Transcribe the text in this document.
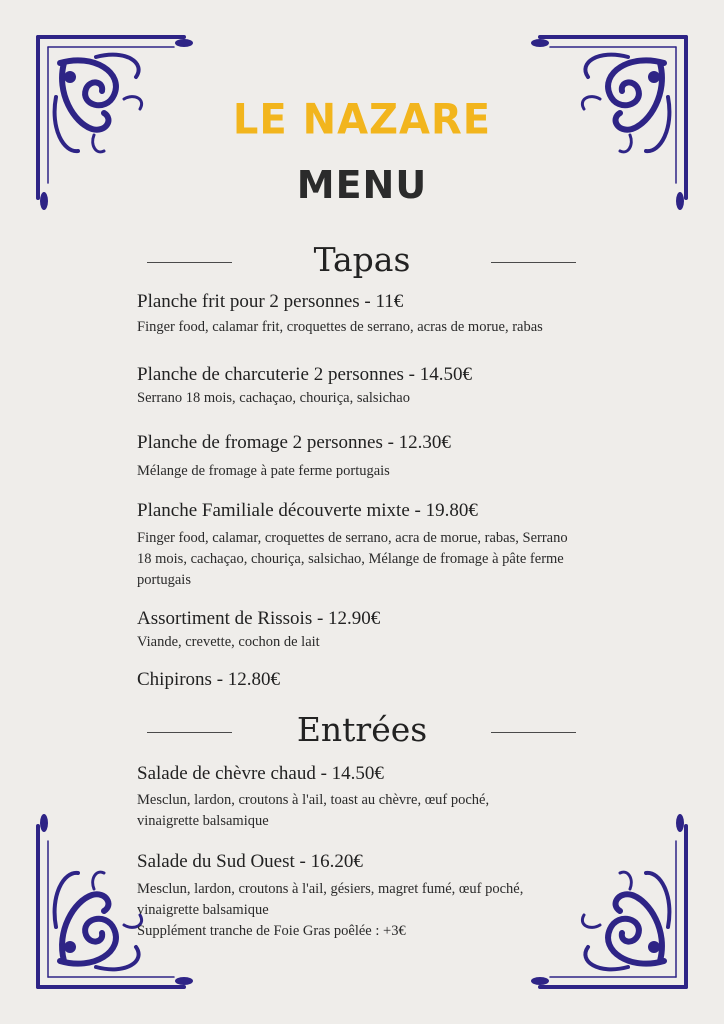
LE NAZARE
MENU
Tapas
Planche frit pour 2 personnes - 11€
Finger food, calamar frit, croquettes de serrano, acras de morue, rabas
Planche de charcuterie 2 personnes - 14.50€
Serrano 18 mois, cachaçao, chouriça, salsichao
Planche de fromage 2 personnes - 12.30€
Mélange de fromage à pate ferme portugais
Planche Familiale découverte mixte - 19.80€
Finger food, calamar, croquettes de serrano, acra de morue, rabas, Serrano
18 mois, cachaçao, chouriça, salsichao, Mélange de fromage à pâte ferme
portugais
Assortiment de Rissois - 12.90€
Viande, crevette, cochon de lait
Chipirons - 12.80€
Entrées
Salade de chèvre chaud - 14.50€
Mesclun, lardon, croutons à l'ail, toast au chèvre, œuf poché,
vinaigrette balsamique
Salade du Sud Ouest - 16.20€
Mesclun, lardon, croutons à l'ail, gésiers, magret fumé, œuf poché,
vinaigrette balsamique
Supplément tranche de Foie Gras poêlée : +3€
